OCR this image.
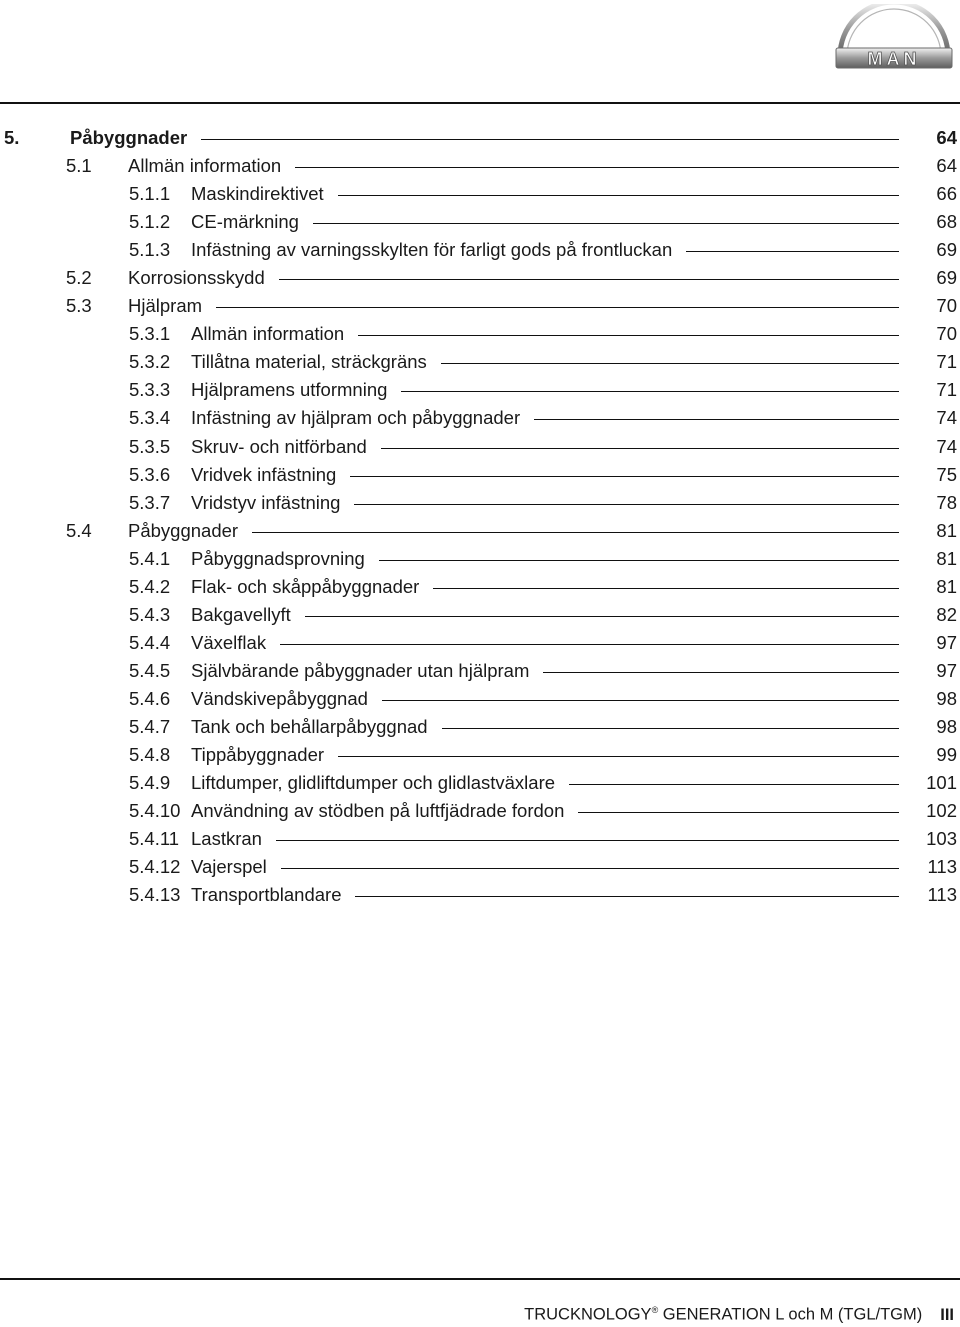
MAN
5.	Påbyggnader	64
5.1	Allmän information	64
5.1.1	Maskindirektivet	66
5.1.2	CE-märkning	68
5.1.3	Infästning av varningsskylten för farligt gods på frontluckan	69
5.2	Korrosionsskydd	69
5.3	Hjälpram	70
5.3.1	Allmän information	70
5.3.2	Tillåtna material, sträckgräns	71
5.3.3	Hjälpramens utformning	71
5.3.4	Infästning av hjälpram och påbyggnader	74
5.3.5	Skruv- och nitförband	74
5.3.6	Vridvek infästning	75
5.3.7	Vridstyv infästning	78
5.4	Påbyggnader	81
5.4.1	Påbyggnadsprovning	81
5.4.2	Flak- och skåppåbyggnader	81
5.4.3	Bakgavellyft	82
5.4.4	Växelflak	97
5.4.5	Självbärande påbyggnader utan hjälpram	97
5.4.6	Vändskivepåbyggnad	98
5.4.7	Tank och behållarpåbyggnad	98
5.4.8	Tippåbyggnader	99
5.4.9	Liftdumper, glidliftdumper och glidlastväxlare	101
5.4.10 Användning av stödben på luftfjädrade fordon	102
5.4.11 Lastkran	103
5.4.12 Vajerspel	113
5.4.13 Transportblandare	113
TRUCKNOLOGY® GENERATION L och M (TGL/TGM) III
